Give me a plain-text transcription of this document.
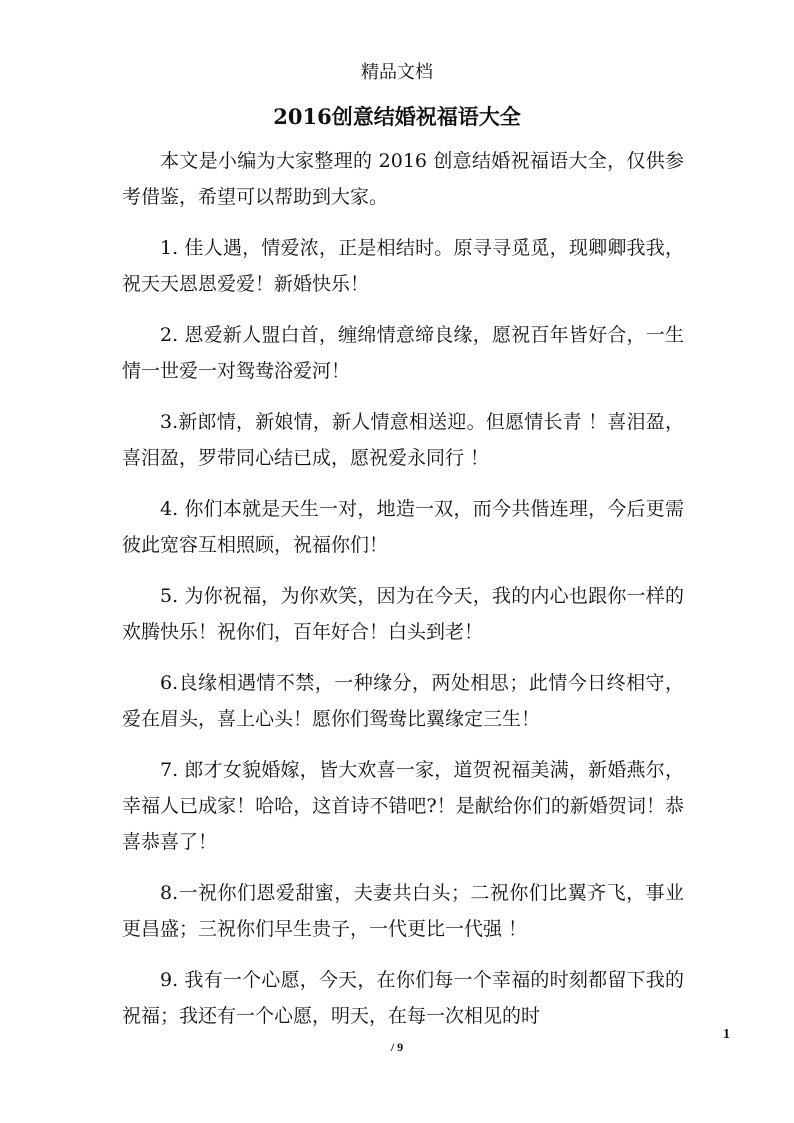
精品文档
2016创意结婚祝福语大全

本文是小编为大家整理的 2016 创意结婚祝福语大全，仅供参考借鉴，希望可以帮助到大家。

1. 佳人遇，情爱浓，正是相结时。原寻寻觅觅，现卿卿我我，祝天天恩恩爱爱！新婚快乐！

2. 恩爱新人盟白首，缠绵情意缔良缘，愿祝百年皆好合，一生情一世爱一对鸳鸯浴爱河！

3.新郎情，新娘情，新人情意相送迎。但愿情长青 ！喜泪盈，喜泪盈，罗带同心结已成，愿祝爱永同行 ！

4. 你们本就是天生一对，地造一双，而今共偕连理，今后更需彼此宽容互相照顾，祝福你们！

5. 为你祝福，为你欢笑，因为在今天，我的内心也跟你一样的欢腾快乐！祝你们，百年好合！白头到老！

6.良缘相遇情不禁，一种缘分，两处相思；此情今日终相守，爱在眉头，喜上心头！愿你们鸳鸯比翼缘定三生！

7. 郎才女貌婚嫁，皆大欢喜一家，道贺祝福美满，新婚燕尔，幸福人已成家！哈哈，这首诗不错吧?！是献给你们的新婚贺词！恭喜恭喜了！

8.一祝你们恩爱甜蜜，夫妻共白头；二祝你们比翼齐飞，事业更昌盛；三祝你们早生贵子，一代更比一代强 ！

9. 我有一个心愿，今天，在你们每一个幸福的时刻都留下我的祝福；我还有一个心愿，明天，在每一次相见的时

1
/ 9
